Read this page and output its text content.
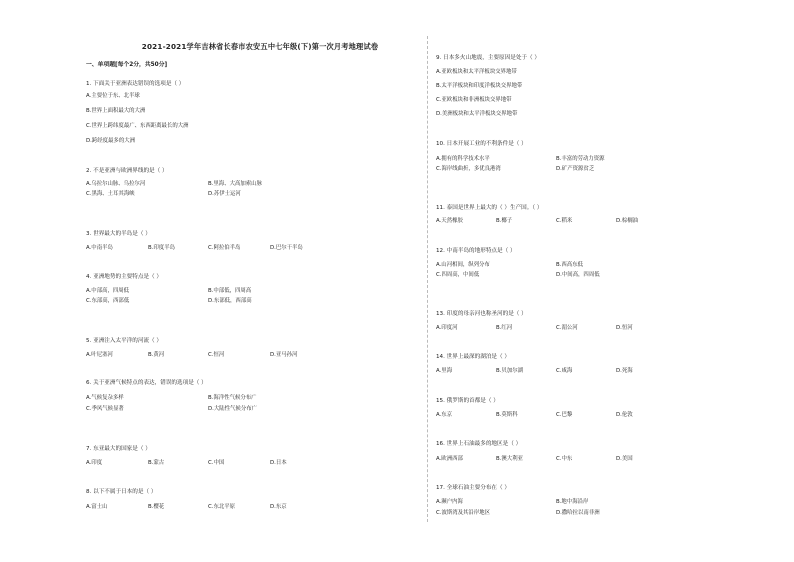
2021-2021学年吉林省长春市农安五中七年级(下)第一次月考地理试卷
一、单项题[每个2分，共50分]
1. 下面关于亚洲表达错误的选项是（ ）
A.主要位于东、北半球
B.世界上面积最大的大洲
C.世界上跨纬度最广、东西距离最长的大洲
D.跨经度最多的大洲
2. 不是亚洲与欧洲界线的是（ ）
A.乌拉尔山脉、乌拉尔河	B.里海、大高加索山脉
C.黑海、土耳其海峡	D.苏伊士运河
3. 世界最大的半岛是（ ）
A.中南半岛	B.印度半岛	C.阿拉伯半岛	D.巴尔干半岛
4. 亚洲地势的主要特点是（ ）
A.中部高，四周低	B.中部低，四周高
C.东部高，西部低	D.东部低，西部高
5. 亚洲注入太平洋的河流（ ）
A.叶尼塞河	B.黄河	C.恒河	D.亚马孙河
6. 关于亚洲气候特点的表达，错误的选项是（ ）
A.气候复杂多样	B.海洋性气候分布广
C.季风气候显著	D.大陆性气候分布广
7. 东亚最大的国家是（ ）
A.印度	B.蒙古	C.中国	D.日本
8. 以下不属于日本的是（ ）
A.富士山	B.樱花	C.东北平原	D.东京
9. 日本多火山地震，主要原因是处于（ ）
A.亚欧板块和太平洋板块交界地带
B.太平洋板块和印度洋板块交界地带
C.亚欧板块和非洲板块交界地带
D.美洲板块和太平洋板块交界地带
10. 日本开展工业的不利条件是（ ）
A.拥有的科学技术水平	B.丰富的劳动力资源
C.海岸线曲折，多优良港湾	D.矿产资源贫乏
11. 泰国是世界上最大的（ ）生产国。（ ）
A.天然橡胶	B.椰子	C.稻米	D.棕榈油
12. 中南半岛的地形特点是（ ）
A.山河相间，纵列分布	B.西高东低
C.四周高，中间低	D.中间高，四周低
13. 印度的母亲河也称圣河的是（ ）
A.印度河	B.红河	C.湄公河	D.恒河
14. 世界上最深的湖泊是（ ）
A.里海	B.贝加尔湖	C.咸海	D.死海
15. 俄罗斯的首都是（ ）
A.东京	B.莫斯科	C.巴黎	D.伦敦
16. 世界上石油最多的地区是（ ）
A.欧洲西部	B.澳大利亚	C.中东	D.美国
17. 全球石油主要分布在（ ）
A.濒户内海	B.地中海沿岸
C.波斯湾及其沿岸地区	D.撒哈拉以南非洲
